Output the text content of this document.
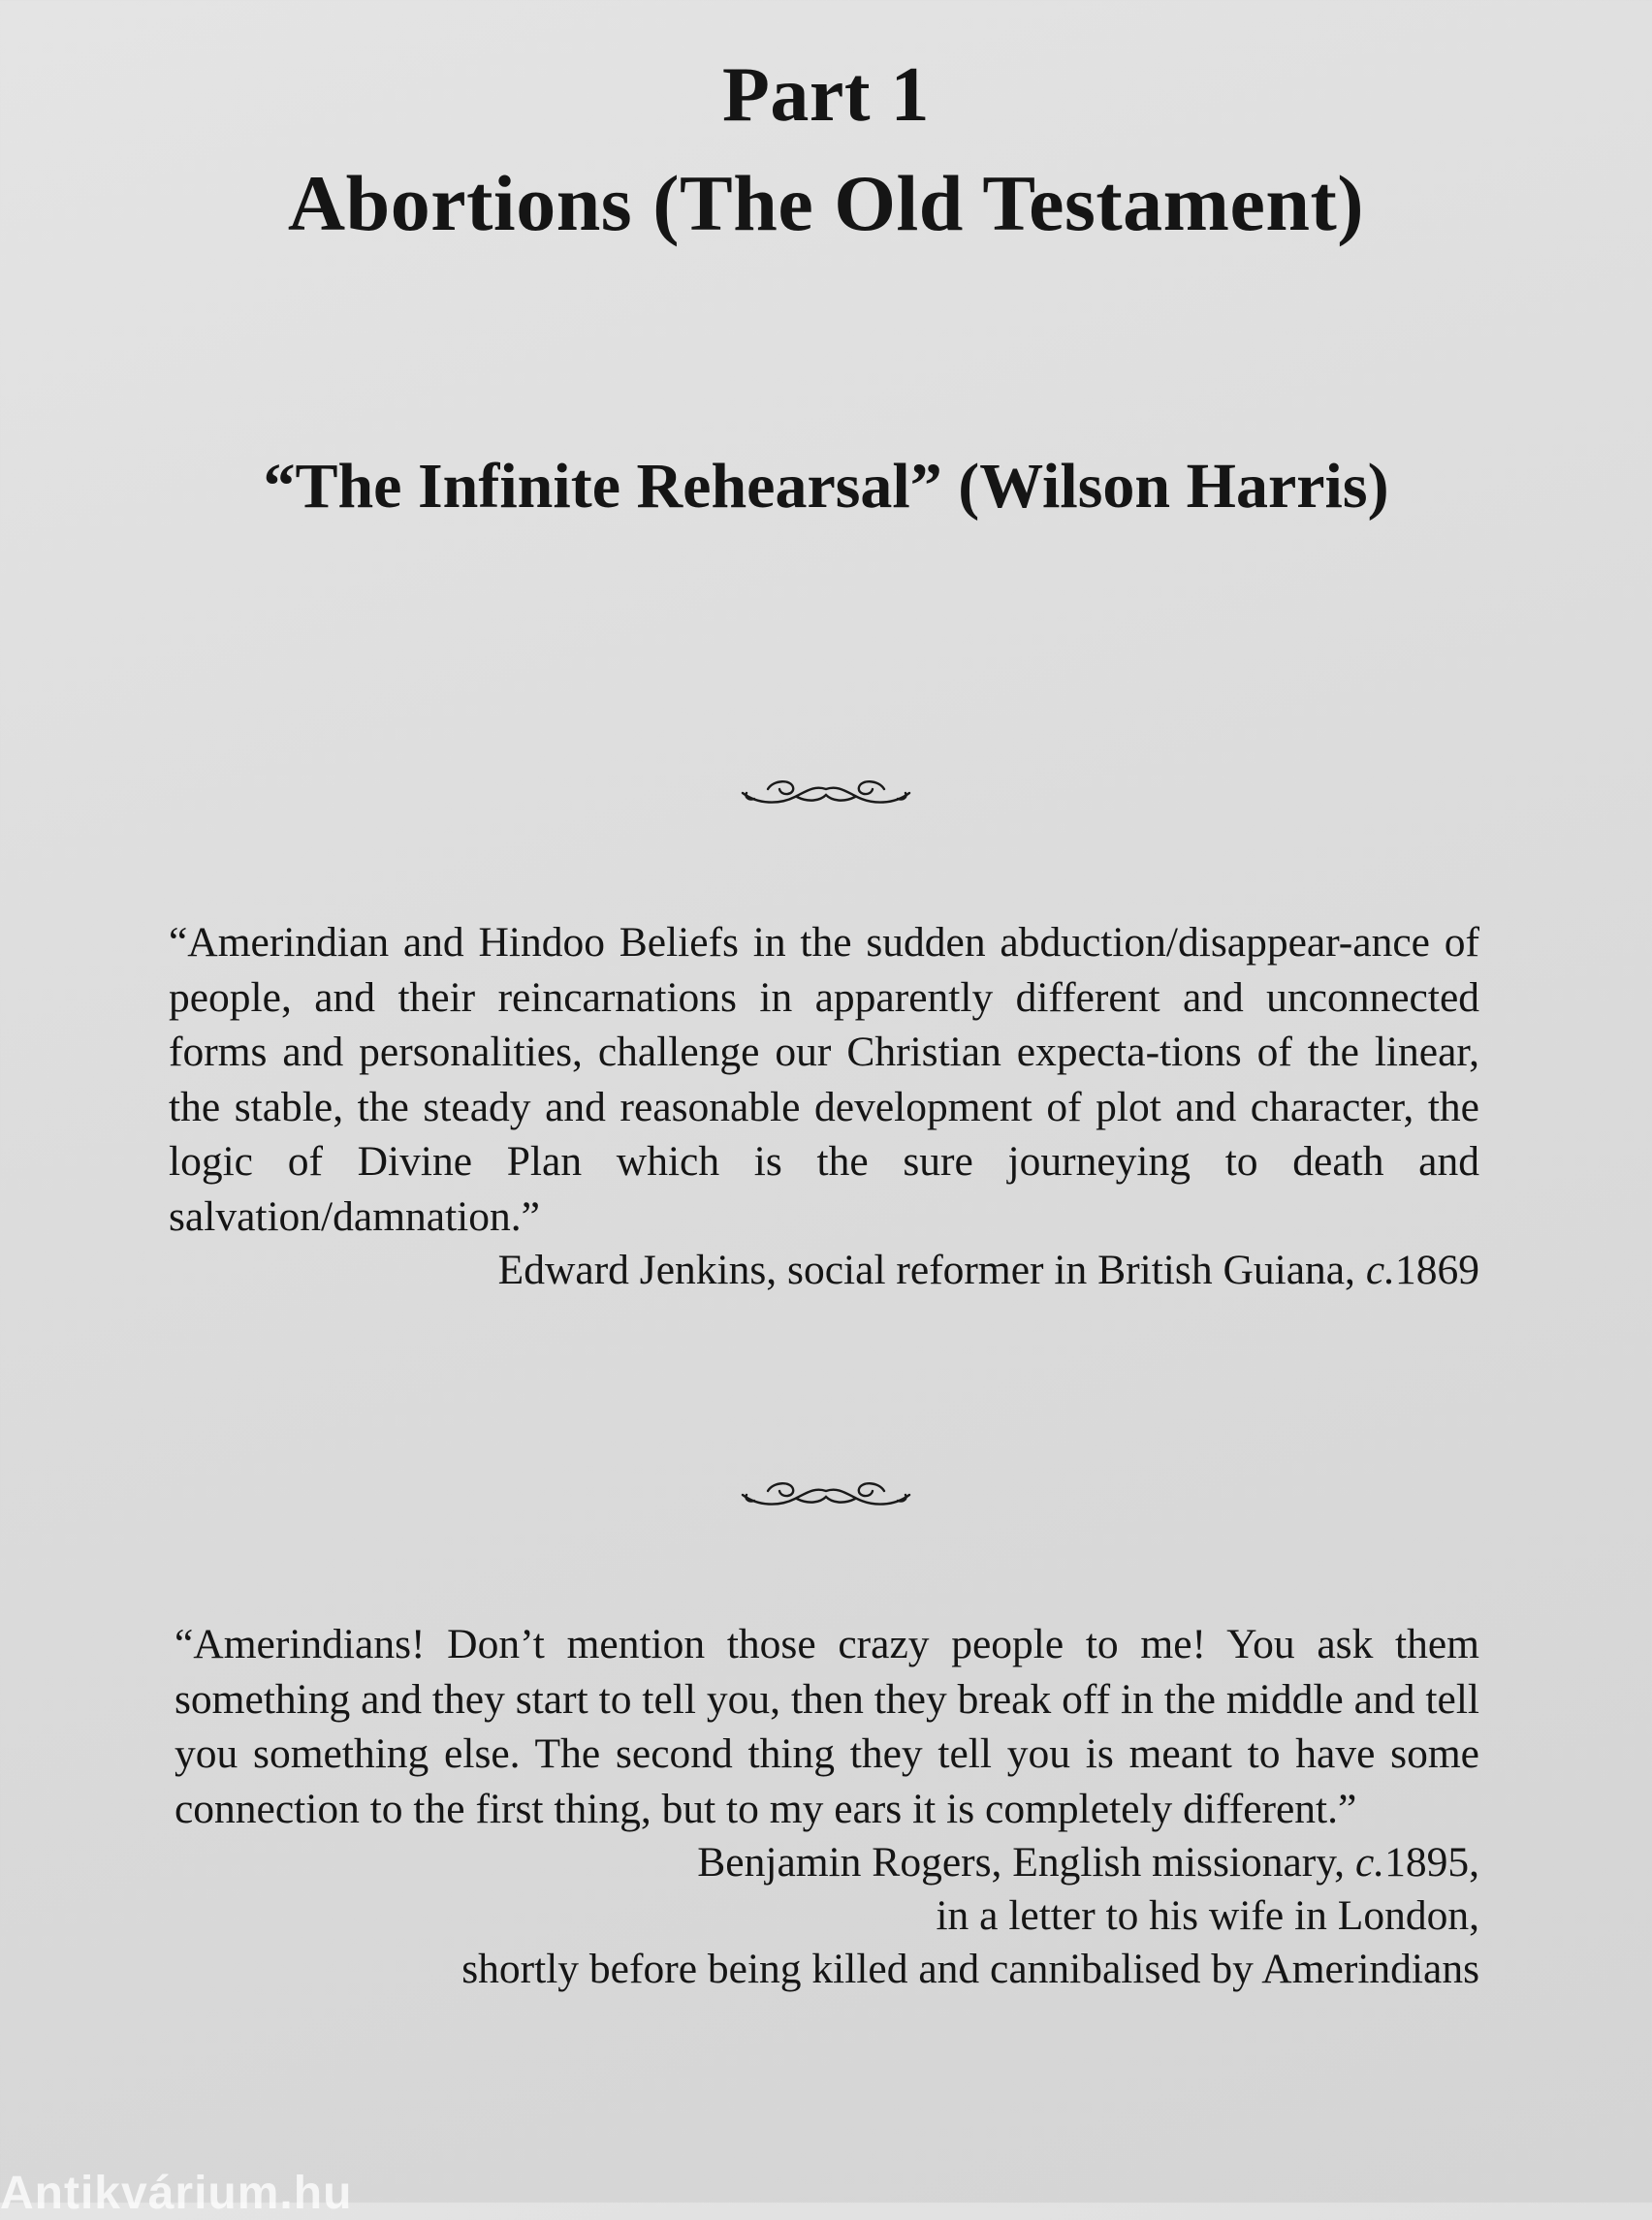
Part 1
Abortions (The Old Testament)
“The Infinite Rehearsal” (Wilson Harris)

“Amerindian and Hindoo Beliefs in the sudden abduction/disappear-ance of people, and their reincarnations in apparently different and unconnected forms and personalities, challenge our Christian expecta-tions of the linear, the stable, the steady and reasonable development of plot and character, the logic of Divine Plan which is the sure journeying to death and salvation/damnation.”

Edward Jenkins, social reformer in British Guiana, c.1869

“Amerindians! Don’t mention those crazy people to me! You ask them something and they start to tell you, then they break off in the middle and tell you something else. The second thing they tell you is meant to have some connection to the first thing, but to my ears it is completely different.”

Benjamin Rogers, English missionary, c.1895,

in a letter to his wife in London,

shortly before being killed and cannibalised by Amerindians

Antikvárium.hu
